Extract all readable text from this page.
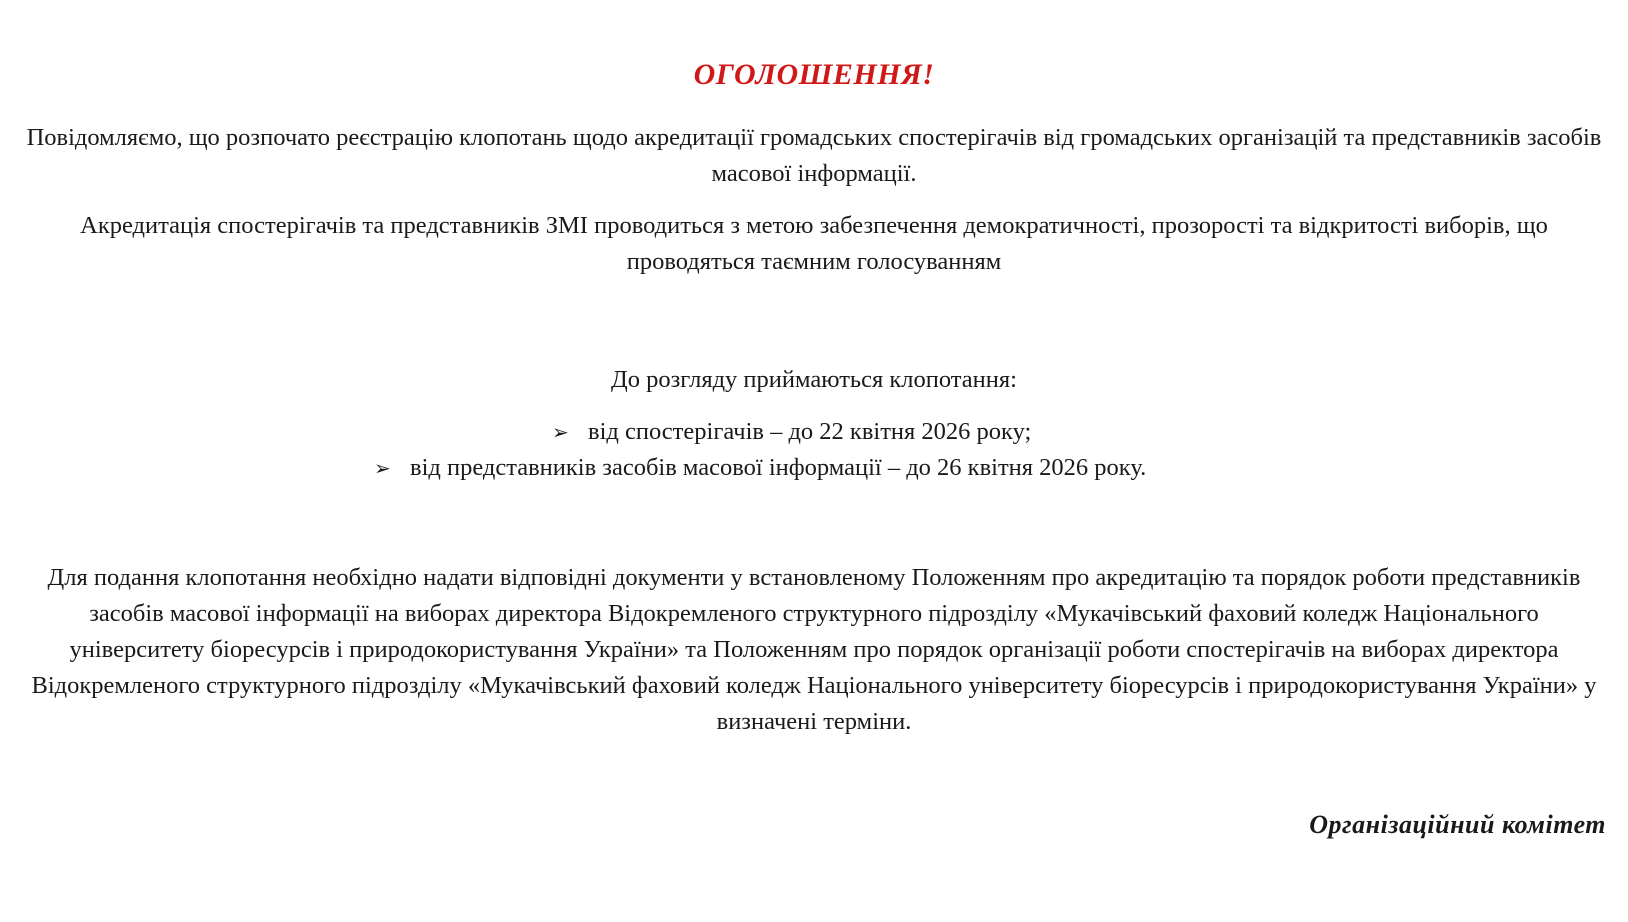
ОГОЛОШЕННЯ!
Повідомляємо, що розпочато реєстрацію клопотань щодо акредитації громадських спостерігачів від громадських організацій та представників засобів масової інформації.
Акредитація спостерігачів та представників ЗМІ проводиться з метою забезпечення демократичності, прозорості та відкритості виборів, що проводяться таємним голосуванням
До розгляду приймаються клопотання:
➢ від спостерігачів – до 22 квітня 2026 року;
➢ від представників засобів масової інформації – до 26 квітня 2026 року.
Для подання клопотання необхідно надати відповідні документи у встановленому Положенням про акредитацію та порядок роботи представників засобів масової інформації на виборах директора Відокремленого структурного підрозділу «Мукачівський фаховий коледж Національного університету біоресурсів і природокористування України» та Положенням про порядок організації роботи спостерігачів на виборах директора Відокремленого структурного підрозділу «Мукачівський фаховий коледж Національного університету біоресурсів і природокористування України» у визначені терміни.
Організаційний комітет
